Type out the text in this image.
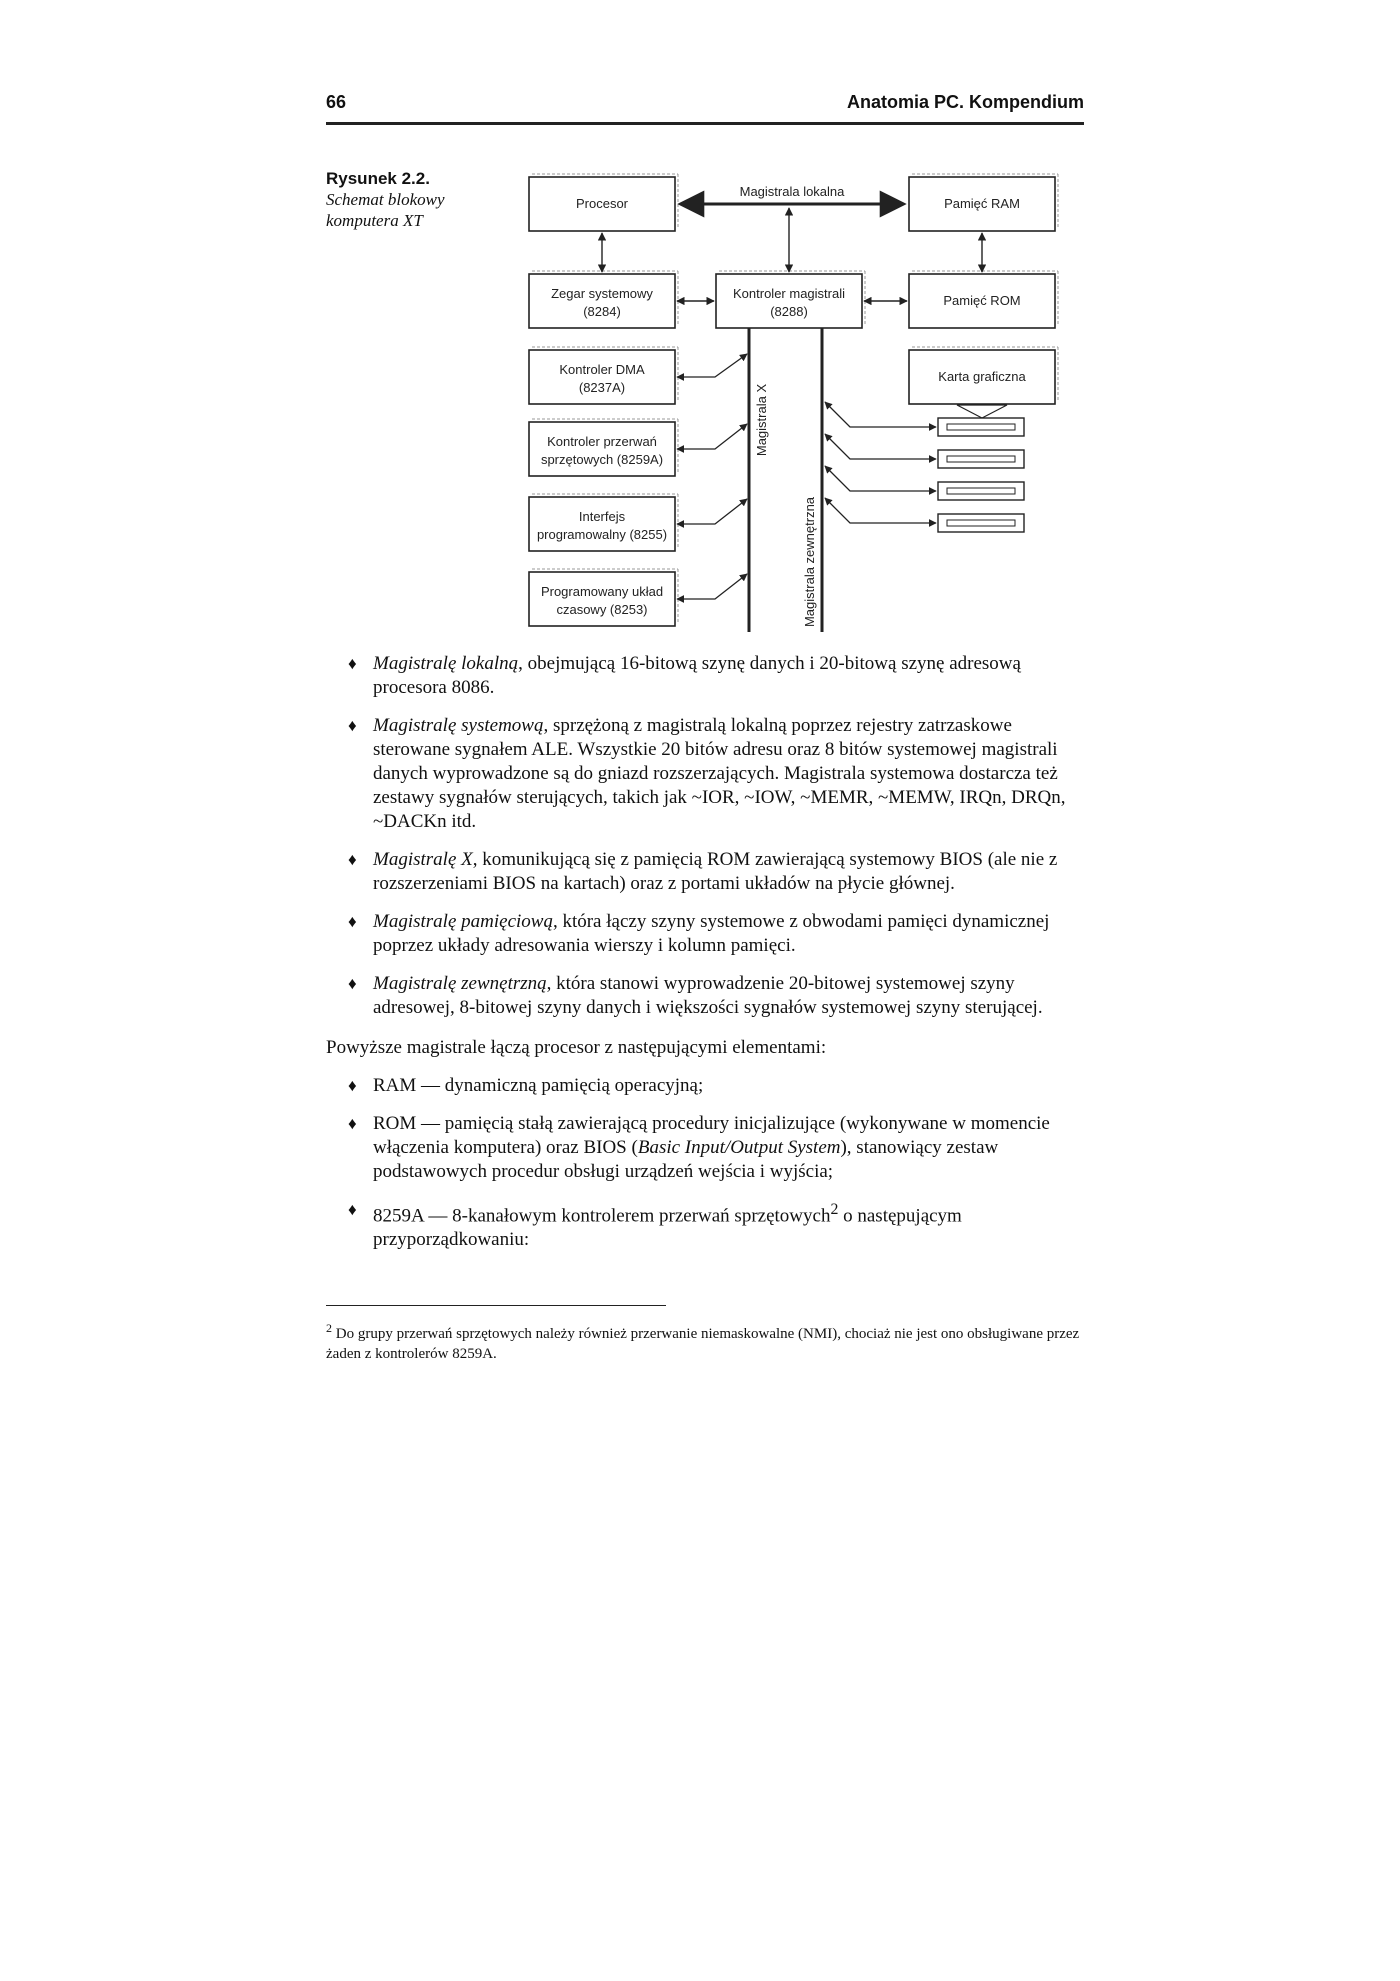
66	Anatomia PC. Kompendium
Rysunek 2.2.
Schemat blokowy komputera XT
Procesor	Pamięć RAM
Zegar systemowy
(8284)
Kontroler magistrali
(8288)
Pamięć ROM
Kontroler DMA
(8237A)
Karta graficzna
Kontroler przerwań
sprzętowych (8259A)
Interfejs
programowalny (8255)
Programowany układ
czasowy (8253)
Magistrala lokalna
Magistrala X
Magistrala zewnętrzna
♦ Magistralę lokalną, obejmującą 16-bitową szynę danych i 20-bitową szynę adresową procesora 8086.
♦ Magistralę systemową, sprzężoną z magistralą lokalną poprzez rejestry zatrzaskowe sterowane sygnałem ALE. Wszystkie 20 bitów adresu oraz 8 bitów systemowej magistrali danych wyprowadzone są do gniazd rozszerzających. Magistrala systemowa dostarcza też zestawy sygnałów sterujących, takich jak ~IOR, ~IOW, ~MEMR, ~MEMW, IRQn, DRQn, ~DACKn itd.
♦ Magistralę X, komunikującą się z pamięcią ROM zawierającą systemowy BIOS (ale nie z rozszerzeniami BIOS na kartach) oraz z portami układów na płycie głównej.
♦ Magistralę pamięciową, która łączy szyny systemowe z obwodami pamięci dynamicznej poprzez układy adresowania wierszy i kolumn pamięci.
♦ Magistralę zewnętrzną, która stanowi wyprowadzenie 20-bitowej systemowej szyny adresowej, 8-bitowej szyny danych i większości sygnałów systemowej szyny sterującej.

Powyższe magistrale łączą procesor z następującymi elementami:

♦ RAM — dynamiczną pamięcią operacyjną;
♦ ROM — pamięcią stałą zawierającą procedury inicjalizujące (wykonywane w momencie włączenia komputera) oraz BIOS (Basic Input/Output System), stanowiący zestaw podstawowych procedur obsługi urządzeń wejścia i wyjścia;
♦ 8259A — 8-kanałowym kontrolerem przerwań sprzętowych$^2$ o następującym przyporządkowaniu:
$^2$ Do grupy przerwań sprzętowych należy również przerwanie niemaskowalne (NMI), chociaż nie jest ono obsługiwane przez żaden z kontrolerów 8259A.
